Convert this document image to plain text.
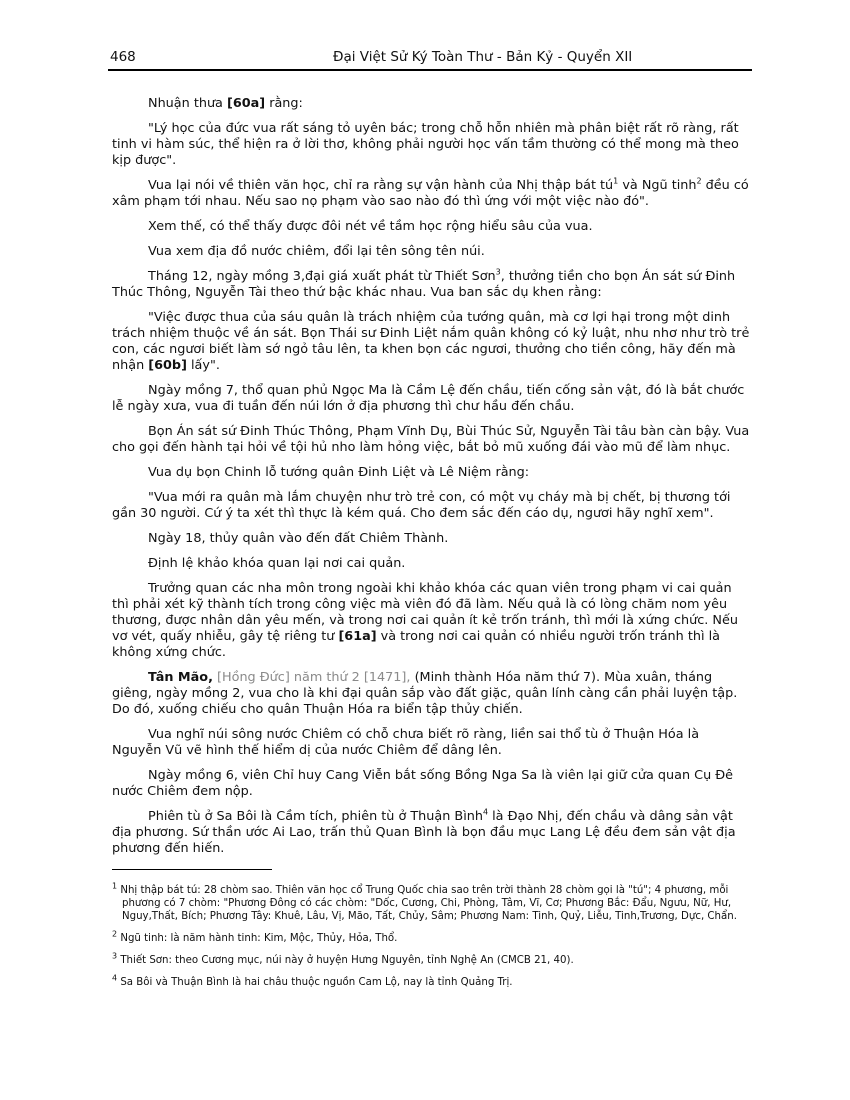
468	Đại Việt Sử Ký Toàn Thư - Bản Kỷ - Quyển XII

Nhuận thưa [60a] rằng:

"Lý học của đức vua rất sáng tỏ uyên bác; trong chỗ hỗn nhiên mà phân biệt rất rõ ràng, rất tinh vi hàm súc, thể hiện ra ở lời thơ, không phải người học vấn tầm thường có thể mong mà theo kịp được".

Vua lại nói về thiên văn học, chỉ ra rằng sự vận hành của Nhị thập bát $tú^1$ và Ngũ tinh$^2$ đều có xâm phạm tới nhau. Nếu sao nọ phạm vào sao nào đó thì ứng với một việc nào đó".

Xem thế, có thể thấy được đôi nét về tầm học rộng hiểu sâu của vua.

Vua xem địa đồ nước chiêm, đổi lại tên sông tên núi.

Tháng 12, ngày mồng 3,đại giá xuất phát từ Thiết Sơn$^3$, thưởng tiền cho bọn Án sát sứ Đinh Thúc Thông, Nguyễn Tài theo thứ bậc khác nhau. Vua ban sắc dụ khen rằng:

"Việc được thua của sáu quân là trách nhiệm của tướng quân, mà cơ lợi hại trong một dinh trách nhiệm thuộc về án sát. Bọn Thái sư Đinh Liệt nắm quân không có kỷ luật, nhu nhơ như trò trẻ con, các ngươi biết làm sớ ngỏ tâu lên, ta khen bọn các ngươi, thưởng cho tiền công, hãy đến mà nhận [60b] lấy".

Ngày mồng 7, thổ quan phủ Ngọc Ma là Cầm Lệ đến chầu, tiến cống sản vật, đó là bắt chước lễ ngày xưa, vua đi tuần đến núi lớn ở địa phương thì chư hầu đến chầu.

Bọn Án sát sứ Đinh Thúc Thông, Phạm Vĩnh Dụ, Bùi Thúc Sử, Nguyễn Tài tâu bàn càn bậy. Vua cho gọi đến hành tại hỏi về tội hủ nho làm hỏng việc, bắt bỏ mũ xuống đái vào mũ để làm nhục.

Vua dụ bọn Chinh lỗ tướng quân Đinh Liệt và Lê Niệm rằng:

"Vua mới ra quân mà lắm chuyện như trò trẻ con, có một vụ cháy mà bị chết, bị thương tới gần 30 người. Cứ ý ta xét thì thực là kém quá. Cho đem sắc đến cáo dụ, ngươi hãy nghĩ xem".

Ngày 18, thủy quân vào đến đất Chiêm Thành.

Định lệ khảo khóa quan lại nơi cai quản.

Trưởng quan các nha môn trong ngoài khi khảo khóa các quan viên trong phạm vi cai quản thì phải xét kỹ thành tích trong công việc mà viên đó đã làm. Nếu quả là có lòng chăm nom yêu thương, được nhân dân yêu mến, và trong nơi cai quản ít kẻ trốn tránh, thì mới là xứng chức. Nếu vơ vét, quấy nhiễu, gây tệ riêng tư [61a] và trong nơi cai quản có nhiều người trốn tránh thì là không xứng chức.

Tân Mão, [Hồng Đức] năm thứ 2 [1471], (Minh thành Hóa năm thứ 7). Mùa xuân, tháng giêng, ngày mồng 2, vua cho là khi đại quân sắp vào đất giặc, quân lính càng cần phải luyện tập. Do đó, xuống chiếu cho quân Thuận Hóa ra biển tập thủy chiến.

Vua nghĩ núi sông nước Chiêm có chỗ chưa biết rõ ràng, liền sai thổ tù ở Thuận Hóa là Nguyễn Vũ vẽ hình thế hiểm dị của nước Chiêm để dâng lên.

Ngày mồng 6, viên Chỉ huy Cang Viễn bắt sống Bồng Nga Sa là viên lại giữ cửa quan Cụ Đê nước Chiêm đem nộp.

Phiên tù ở Sa Bôi là Cầm tích, phiên tù ở Thuận Bình$^4$ là Đạo Nhị, đến chầu và dâng sản vật địa phương. Sứ thần ước Ai Lao, trấn thủ Quan Bình là bọn đầu mục Lang Lệ đều đem sản vật địa phương đến hiến.

$^1$ Nhị thập bát tú: 28 chòm sao. Thiên văn học cổ Trung Quốc chia sao trên trời thành 28 chòm gọi là "tú"; 4 phương, mỗi phương có 7 chòm: "Phương Đông có các chòm: "Dốc, Cương, Chi, Phòng, Tâm, Vĩ, Cơ; Phương Bắc: Đẩu, Ngưu, Nữ, Hư, Nguy,Thất, Bích; Phương Tây: Khuê, Lâu, Vị, Mão, Tất, Chủy, Sâm; Phương Nam: Tinh, Quỷ, Liễu, Tinh,Trương, Dực, Chẩn.
$^2$ Ngũ tinh: là năm hành tinh: Kim, Mộc, Thủy, Hỏa, Thổ.
$^3$ Thiết Sơn: theo Cương mục, núi này ở huyện Hưng Nguyên, tỉnh Nghệ An (CMCB 21, 40).
$^4$ Sa Bôi và Thuận Bình là hai châu thuộc nguồn Cam Lộ, nay là tỉnh Quảng Trị.
